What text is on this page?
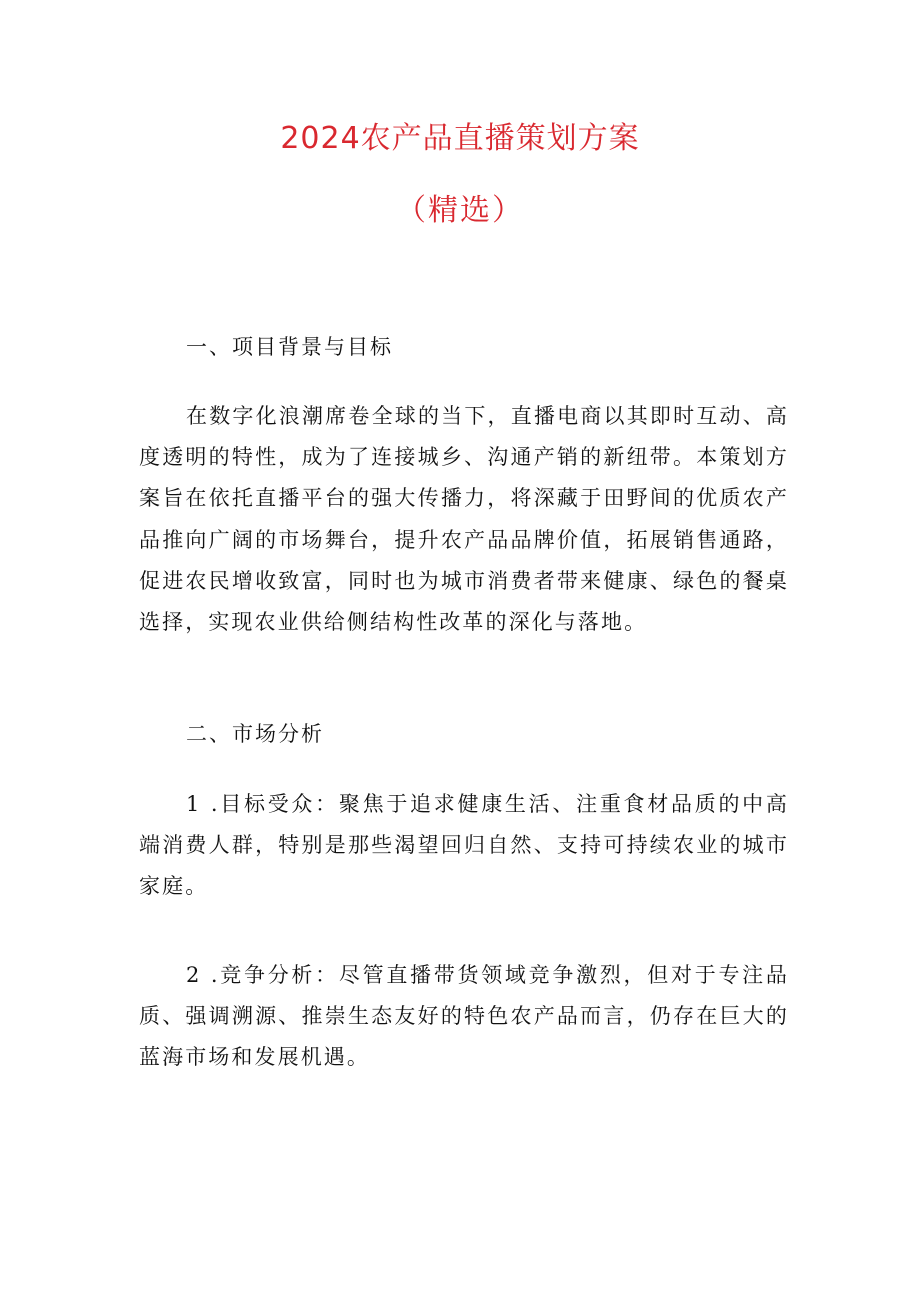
2024农产品直播策划方案
（精选）
一、项目背景与目标

在数字化浪潮席卷全球的当下，直播电商以其即时互动、高度透明的特性，成为了连接城乡、沟通产销的新纽带。本策划方案旨在依托直播平台的强大传播力，将深藏于田野间的优质农产品推向广阔的市场舞台，提升农产品品牌价值，拓展销售通路，促进农民增收致富，同时也为城市消费者带来健康、绿色的餐桌选择，实现农业供给侧结构性改革的深化与落地。

二、市场分析

1 .目标受众：聚焦于追求健康生活、注重食材品质的中高端消费人群，特别是那些渴望回归自然、支持可持续农业的城市家庭。

2 .竞争分析：尽管直播带货领域竞争激烈，但对于专注品质、强调溯源、推崇生态友好的特色农产品而言，仍存在巨大的蓝海市场和发展机遇。
